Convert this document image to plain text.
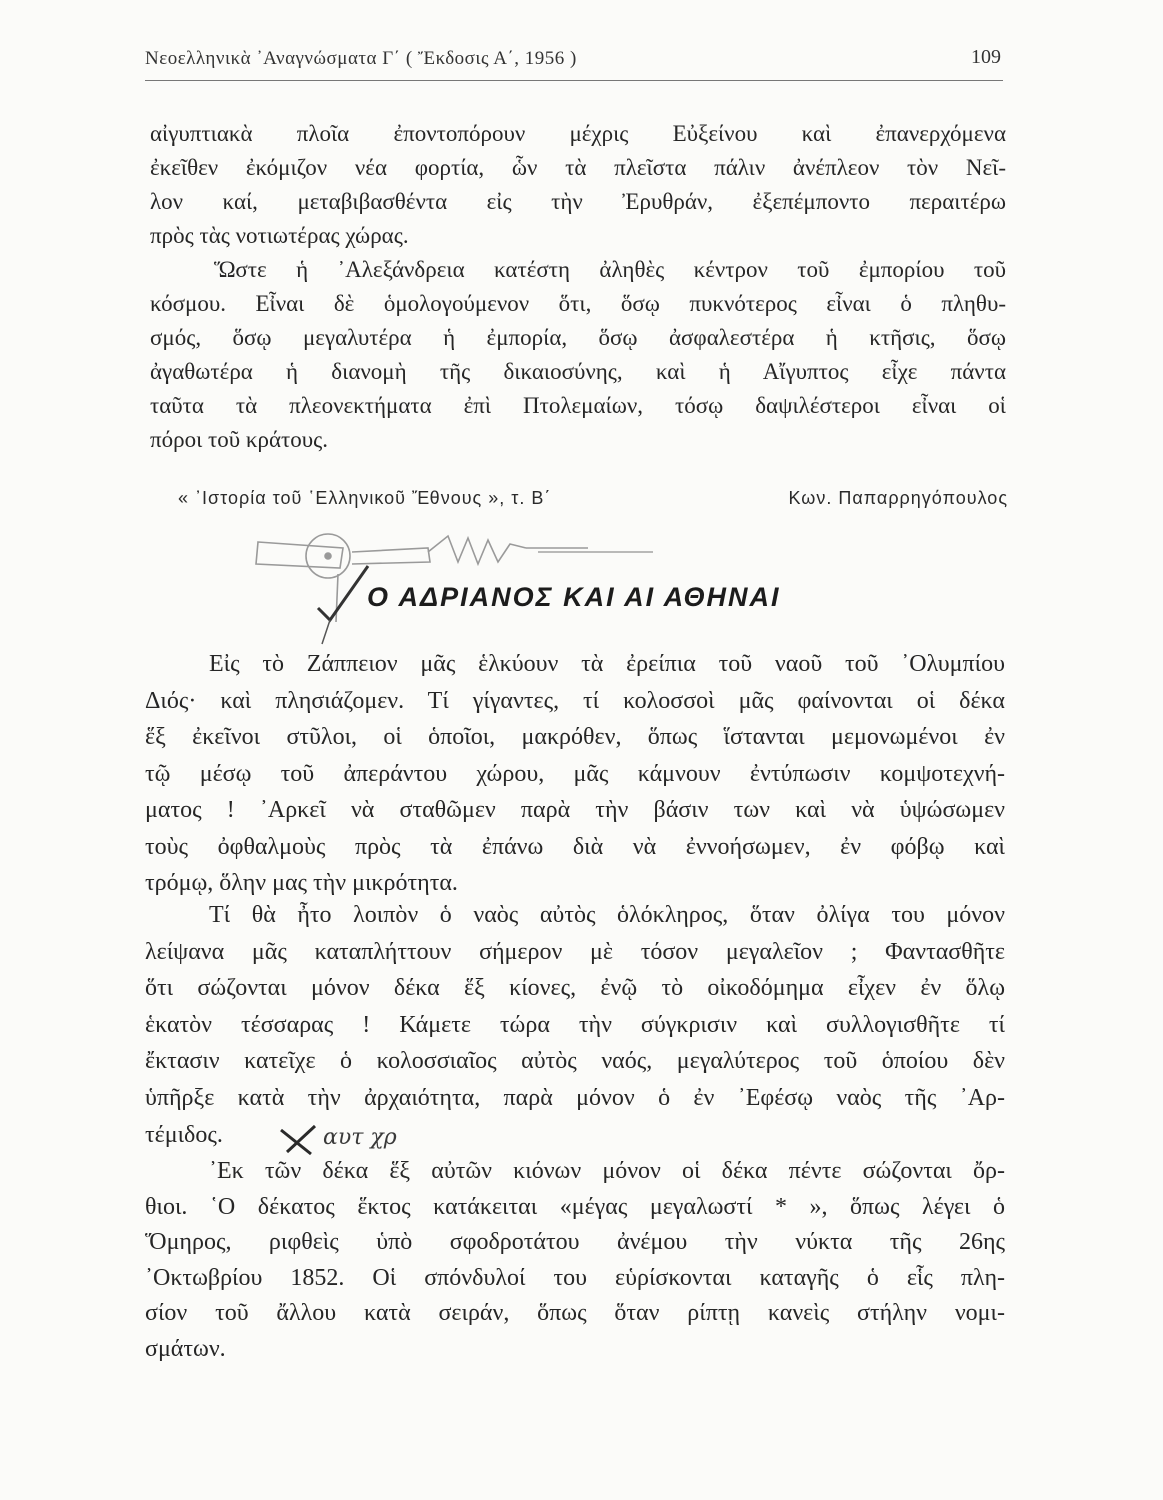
Νεοελληνικὰ ᾿Αναγνώσματα Γ΄ ( Ἔκδοσις Α΄, 1956 )	109
αἰγυπτιακὰ πλοῖα ἐποντοπόρουν μέχρις Εὐξείνου καὶ ἐπανερχόμενα
ἐκεῖθεν ἐκόμιζον νέα φορτία, ὧν τὰ πλεῖστα πάλιν ἀνέπλεον τὸν Νεῖ-
λον καί, μεταβιβασθέντα εἰς τὴν Ἐρυθράν, ἐξεπέμποντο περαιτέρω
πρὸς τὰς νοτιωτέρας χώρας.
Ὥστε ἡ ᾿Αλεξάνδρεια κατέστη ἀληθὲς κέντρον τοῦ ἐμπορίου τοῦ
κόσμου. Εἶναι δὲ ὁμολογούμενον ὅτι, ὅσῳ πυκνότερος εἶναι ὁ πληθυ-
σμός, ὅσῳ μεγαλυτέρα ἡ ἐμπορία, ὅσῳ ἀσφαλεστέρα ἡ κτῆσις, ὅσῳ
ἀγαθωτέρα ἡ διανομὴ τῆς δικαιοσύνης, καὶ ἡ Αἴγυπτος εἶχε πάντα
ταῦτα τὰ πλεονεκτήματα ἐπὶ Πτολεμαίων, τόσῳ δαψιλέστεροι εἶναι οἱ
πόροι τοῦ κράτους.
« ᾿Ιστορία τοῦ ῾Ελληνικοῦ Ἔθνους », τ. Β΄	Κων. Παπαρρηγόπουλος
Ο ΑΔΡΙΑΝΟΣ ΚΑΙ ΑΙ ΑΘΗΝΑΙ
Εἰς τὸ Ζάππειον μᾶς ἑλκύουν τὰ ἐρείπια τοῦ ναοῦ τοῦ ᾿Ολυμπίου
Διός· καὶ πλησιάζομεν. Τί γίγαντες, τί κολοσσοὶ μᾶς φαίνονται οἱ δέκα
ἕξ ἐκεῖνοι στῦλοι, οἱ ὁποῖοι, μακρόθεν, ὅπως ἵστανται μεμονωμένοι ἐν
τῷ μέσῳ τοῦ ἀπεράντου χώρου, μᾶς κάμνουν ἐντύπωσιν κομψοτεχνή-
ματος ! ᾿Αρκεῖ νὰ σταθῶμεν παρὰ τὴν βάσιν των καὶ νὰ ὑψώσωμεν
τοὺς ὀφθαλμοὺς πρὸς τὰ ἐπάνω διὰ νὰ ἐννοήσωμεν, ἐν φόβῳ καὶ
τρόμῳ, ὅλην μας τὴν μικρότητα.
Τί θὰ ἦτο λοιπὸν ὁ ναὸς αὐτὸς ὁλόκληρος, ὅταν ὀλίγα του μόνον
λείψανα μᾶς καταπλήττουν σήμερον μὲ τόσον μεγαλεῖον ; Φαντασθῆτε
ὅτι σώζονται μόνον δέκα ἕξ κίονες, ἐνῷ τὸ οἰκοδόμημα εἶχεν ἐν ὅλῳ
ἑκατὸν τέσσαρας ! Κάμετε τώρα τὴν σύγκρισιν καὶ συλλογισθῆτε τί
ἔκτασιν κατεῖχε ὁ κολοσσιαῖος αὐτὸς ναός, μεγαλύτερος τοῦ ὁποίου δὲν
ὑπῆρξε κατὰ τὴν ἀρχαιότητα, παρὰ μόνον ὁ ἐν ᾿Εφέσῳ ναὸς τῆς ᾿Αρ-
τέμιδος.	αυτ χρ
᾿Εκ τῶν δέκα ἕξ αὐτῶν κιόνων μόνον οἱ δέκα πέντε σώζονται ὄρ-
θιοι. ῾Ο δέκατος ἕκτος κατάκειται «μέγας μεγαλωστί * », ὅπως λέγει ὁ
Ὅμηρος, ριφθεὶς ὑπὸ σφοδροτάτου ἀνέμου τὴν νύκτα τῆς 26ης
᾿Οκτωβρίου 1852. Οἱ σπόνδυλοί του εὑρίσκονται καταγῆς ὁ εἷς πλη-
σίον τοῦ ἄλλου κατὰ σειράν, ὅπως ὅταν ρίπτῃ κανεὶς στήλην νομι-
σμάτων.
